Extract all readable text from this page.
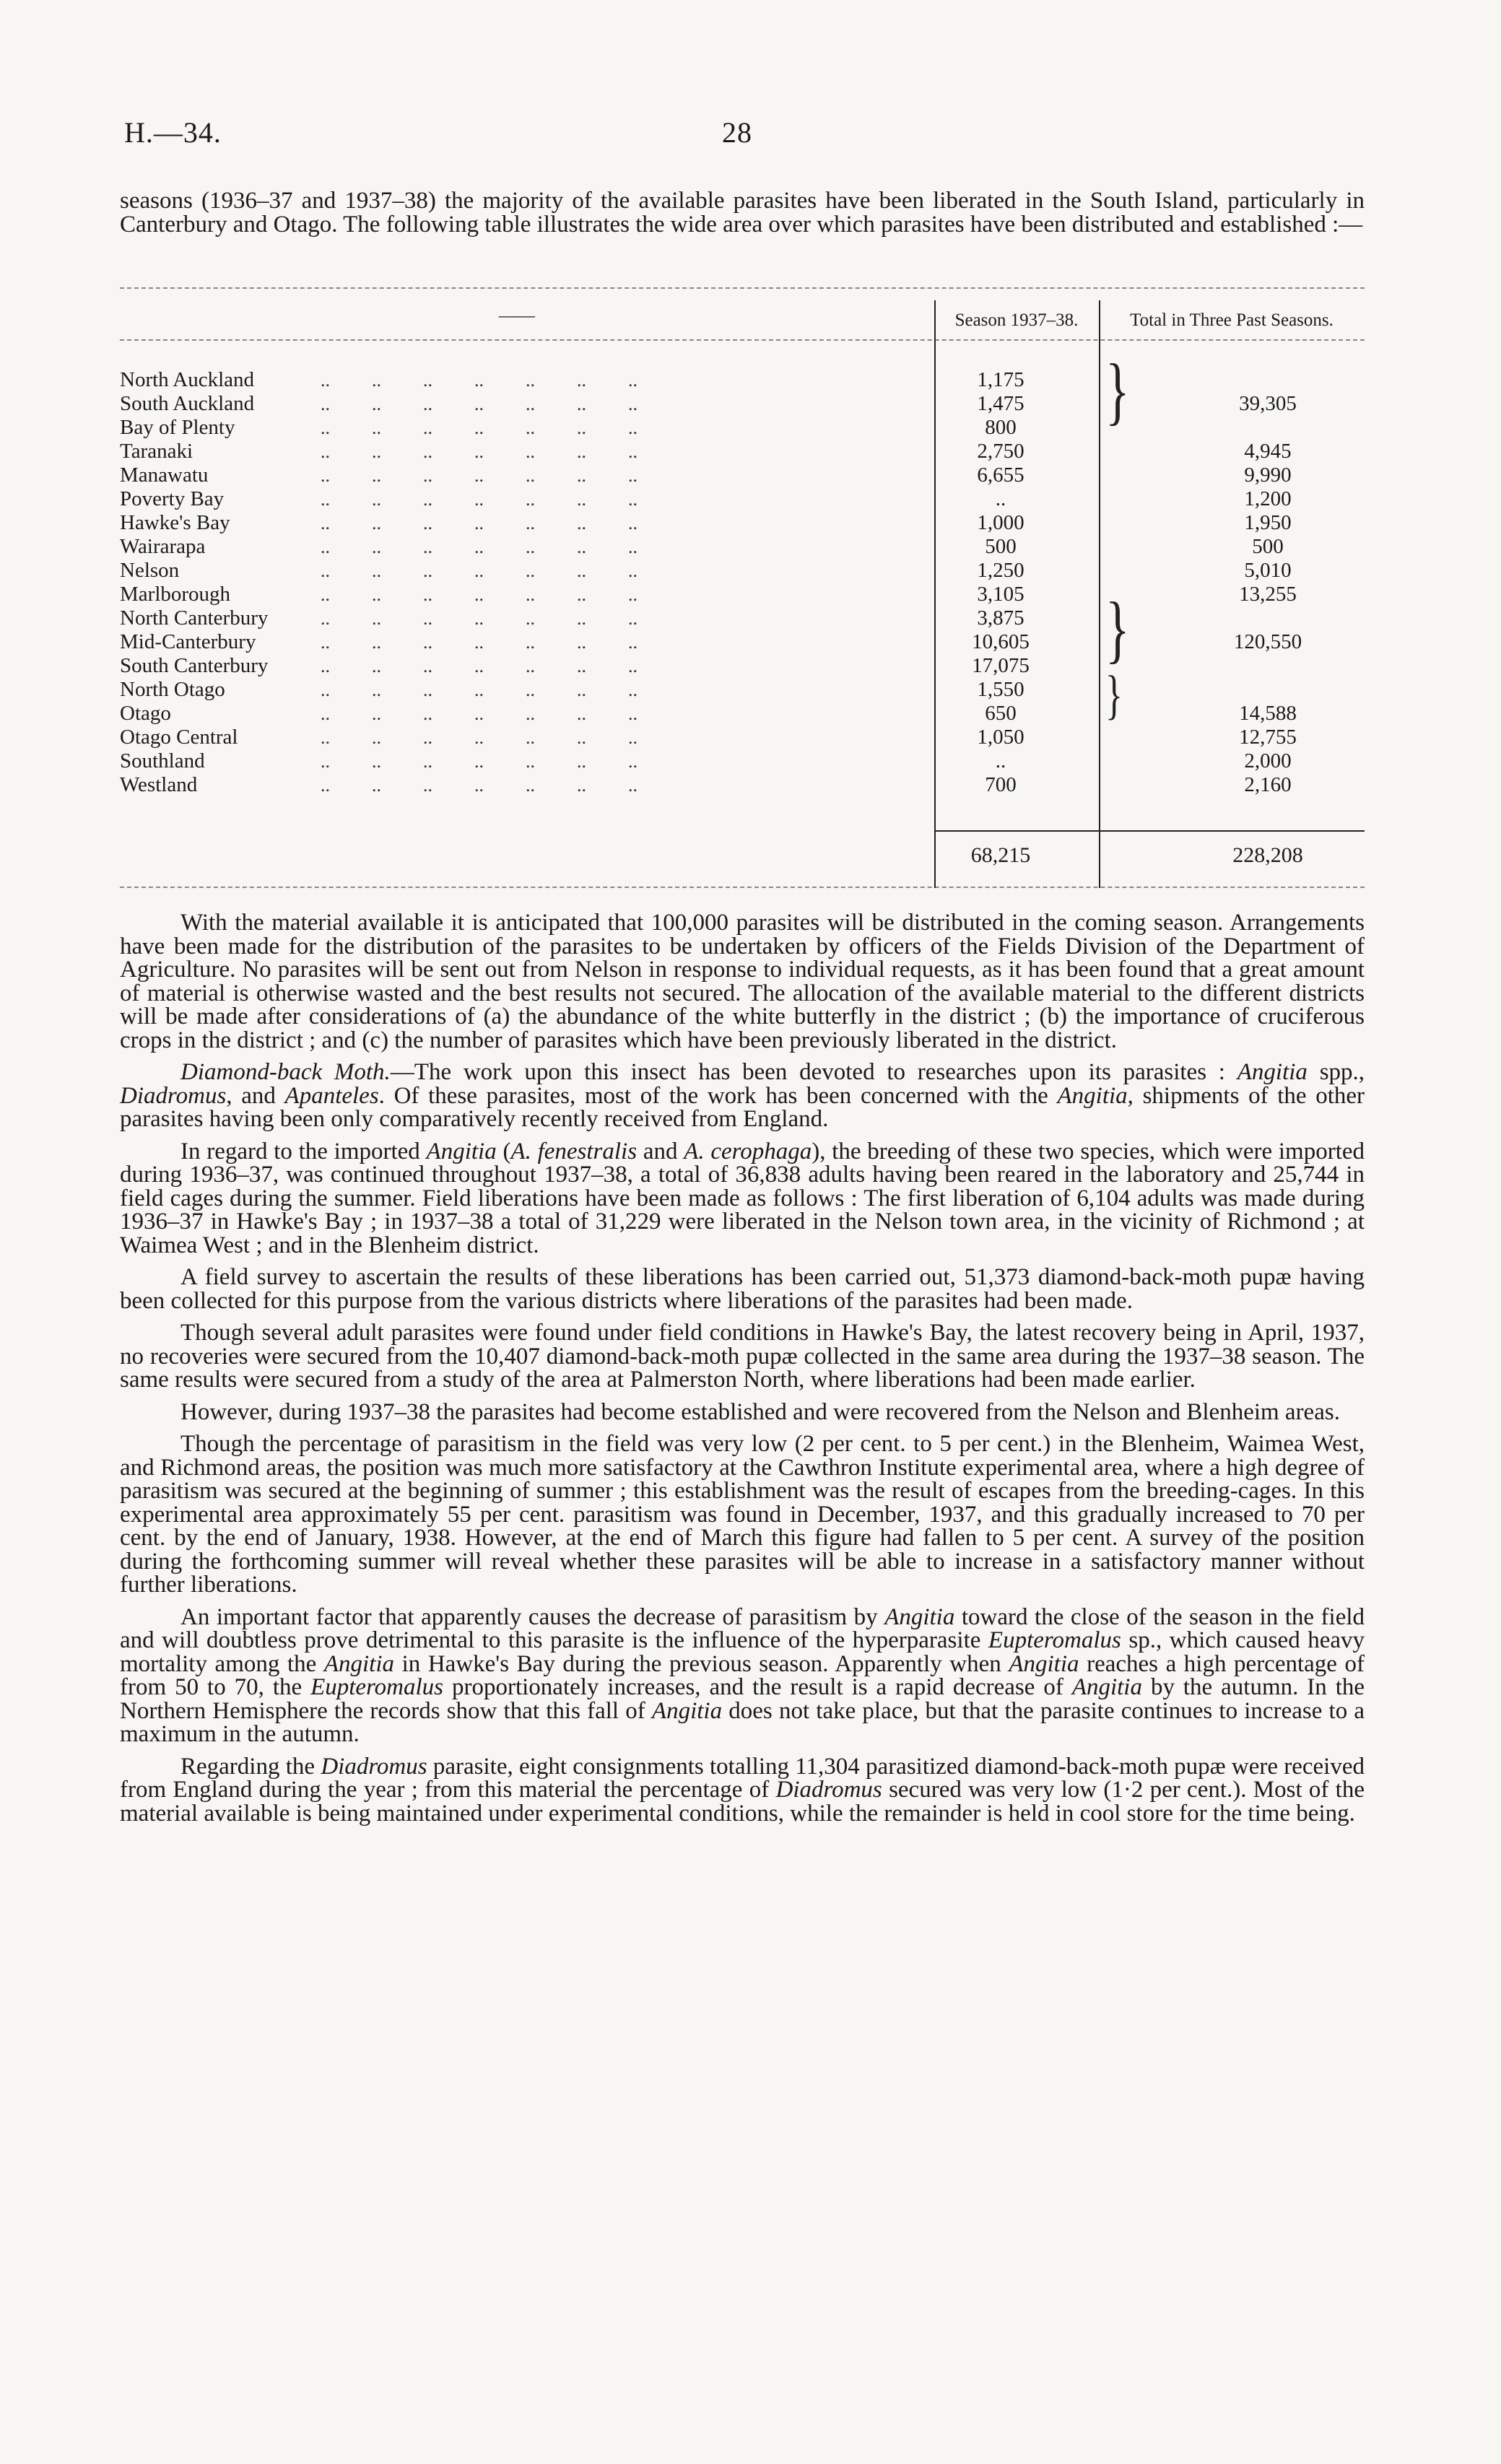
H.—34.	28

seasons (1936–37 and 1937–38) the majority of the available parasites have been liberated in the South Island, particularly in Canterbury and Otago. The following table illustrates the wide area over which parasites have been distributed and established :—

——	Season 1937–38.	Total in Three Past Seasons.
}
}
}
North Auckland	.. .. .. .. .. .. ..	1,175
South Auckland	.. .. .. .. .. .. ..	1,475	39,305
Bay of Plenty	.. .. .. .. .. .. ..	800
Taranaki	.. .. .. .. .. .. ..	2,750	4,945
Manawatu	.. .. .. .. .. .. ..	6,655	9,990
Poverty Bay	.. .. .. .. .. .. ..	..	1,200
Hawke's Bay	.. .. .. .. .. .. ..	1,000	1,950
Wairarapa	.. .. .. .. .. .. ..	500	500
Nelson	.. .. .. .. .. .. ..	1,250	5,010
Marlborough	.. .. .. .. .. .. ..	3,105	13,255
North Canterbury	.. .. .. .. .. .. ..	3,875
Mid-Canterbury	.. .. .. .. .. .. ..	10,605	120,550
South Canterbury	.. .. .. .. .. .. ..	17,075
North Otago	.. .. .. .. .. .. ..	1,550
Otago	.. .. .. .. .. .. ..	650	14,588
Otago Central	.. .. .. .. .. .. ..	1,050	12,755
Southland	.. .. .. .. .. .. ..	..	2,000
Westland	.. .. .. .. .. .. ..	700	2,160
68,215	228,208

With the material available it is anticipated that 100,000 parasites will be distributed in the coming season. Arrangements have been made for the distribution of the parasites to be undertaken by officers of the Fields Division of the Department of Agriculture. No parasites will be sent out from Nelson in response to individual requests, as it has been found that a great amount of material is otherwise wasted and the best results not secured. The allocation of the available material to the different districts will be made after considerations of (a) the abundance of the white butterfly in the district ; (b) the importance of cruciferous crops in the district ; and (c) the number of parasites which have been previously liberated in the district.

Diamond-back Moth.—The work upon this insect has been devoted to researches upon its parasites : Angitia spp., Diadromus, and Apanteles. Of these parasites, most of the work has been concerned with the Angitia, shipments of the other parasites having been only comparatively recently received from England.

In regard to the imported Angitia (A. fenestralis and A. cerophaga), the breeding of these two species, which were imported during 1936–37, was continued throughout 1937–38, a total of 36,838 adults having been reared in the laboratory and 25,744 in field cages during the summer. Field liberations have been made as follows : The first liberation of 6,104 adults was made during 1936–37 in Hawke's Bay ; in 1937–38 a total of 31,229 were liberated in the Nelson town area, in the vicinity of Richmond ; at Waimea West ; and in the Blenheim district.

A field survey to ascertain the results of these liberations has been carried out, 51,373 diamond-back-moth pupæ having been collected for this purpose from the various districts where liberations of the parasites had been made.

Though several adult parasites were found under field conditions in Hawke's Bay, the latest recovery being in April, 1937, no recoveries were secured from the 10,407 diamond-back-moth pupæ collected in the same area during the 1937–38 season. The same results were secured from a study of the area at Palmerston North, where liberations had been made earlier.

However, during 1937–38 the parasites had become established and were recovered from the Nelson and Blenheim areas.

Though the percentage of parasitism in the field was very low (2 per cent. to 5 per cent.) in the Blenheim, Waimea West, and Richmond areas, the position was much more satisfactory at the Cawthron Institute experimental area, where a high degree of parasitism was secured at the beginning of summer ; this establishment was the result of escapes from the breeding-cages. In this experimental area approximately 55 per cent. parasitism was found in December, 1937, and this gradually increased to 70 per cent. by the end of January, 1938. However, at the end of March this figure had fallen to 5 per cent. A survey of the position during the forthcoming summer will reveal whether these parasites will be able to increase in a satisfactory manner without further liberations.

An important factor that apparently causes the decrease of parasitism by Angitia toward the close of the season in the field and will doubtless prove detrimental to this parasite is the influence of the hyperparasite Eupteromalus sp., which caused heavy mortality among the Angitia in Hawke's Bay during the previous season. Apparently when Angitia reaches a high percentage of from 50 to 70, the Eupteromalus proportionately increases, and the result is a rapid decrease of Angitia by the autumn. In the Northern Hemisphere the records show that this fall of Angitia does not take place, but that the parasite continues to increase to a maximum in the autumn.

Regarding the Diadromus parasite, eight consignments totalling 11,304 parasitized diamond-back-moth pupæ were received from England during the year ; from this material the percentage of Diadromus secured was very low (1·2 per cent.). Most of the material available is being maintained under experimental conditions, while the remainder is held in cool store for the time being.
